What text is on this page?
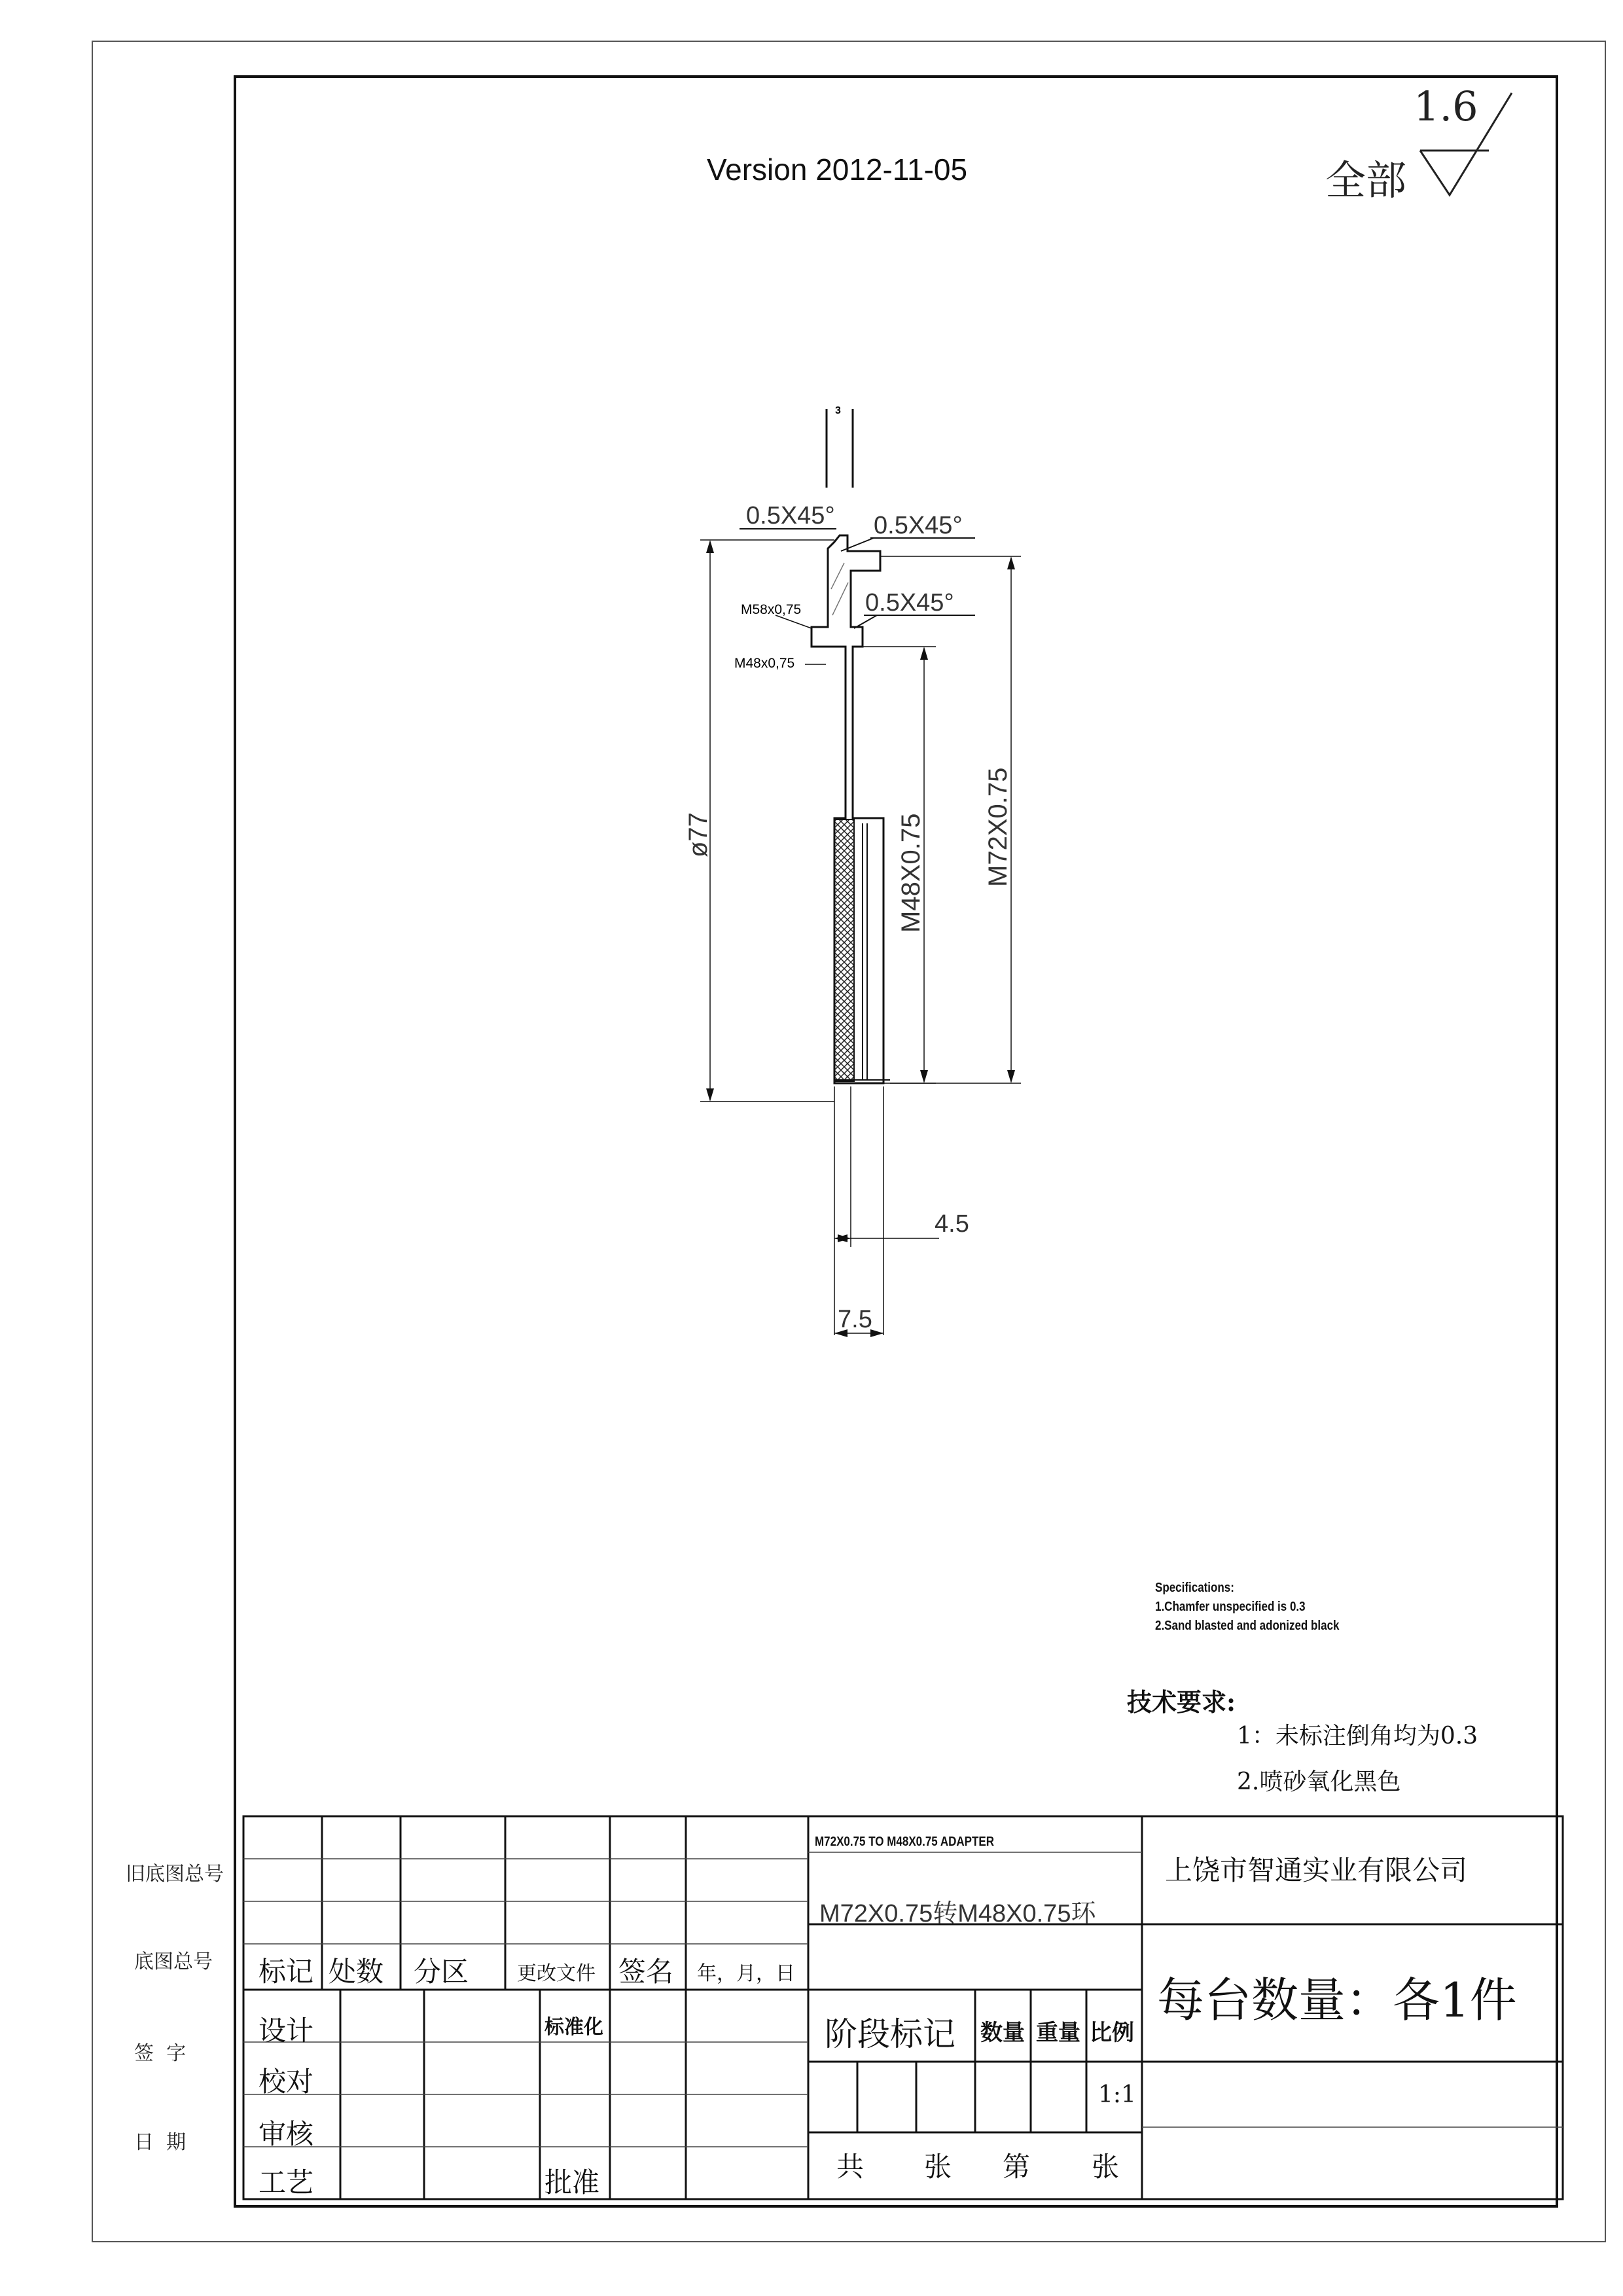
旧底图总号
底图总号
签  字
日  期
Version 2012-11-05	全部
1.6
3
0.5X45° 0.5X45°
0.5X45°
M58x0,75
M48x0,75
ø77	M48X0.75 M72X0.75
4.5
7.5
Specifications:
1.Chamfer unspecified is 0.3
2.Sand blasted and adonized black
技术要求:
1：未标注倒角均为0.3
2.喷砂氧化黑色
M72X0.75 TO M48X0.75 ADAPTER
M72X0.75转M48X0.75环
上饶市智通实业有限公司
每台数量：各1件
标记 处数 分区 更改文件 签名 年，月，日
设计
校对
审核
工艺
标准化
批准
阶段标记 数量 重量 比例
1:1
共 张 第 张
